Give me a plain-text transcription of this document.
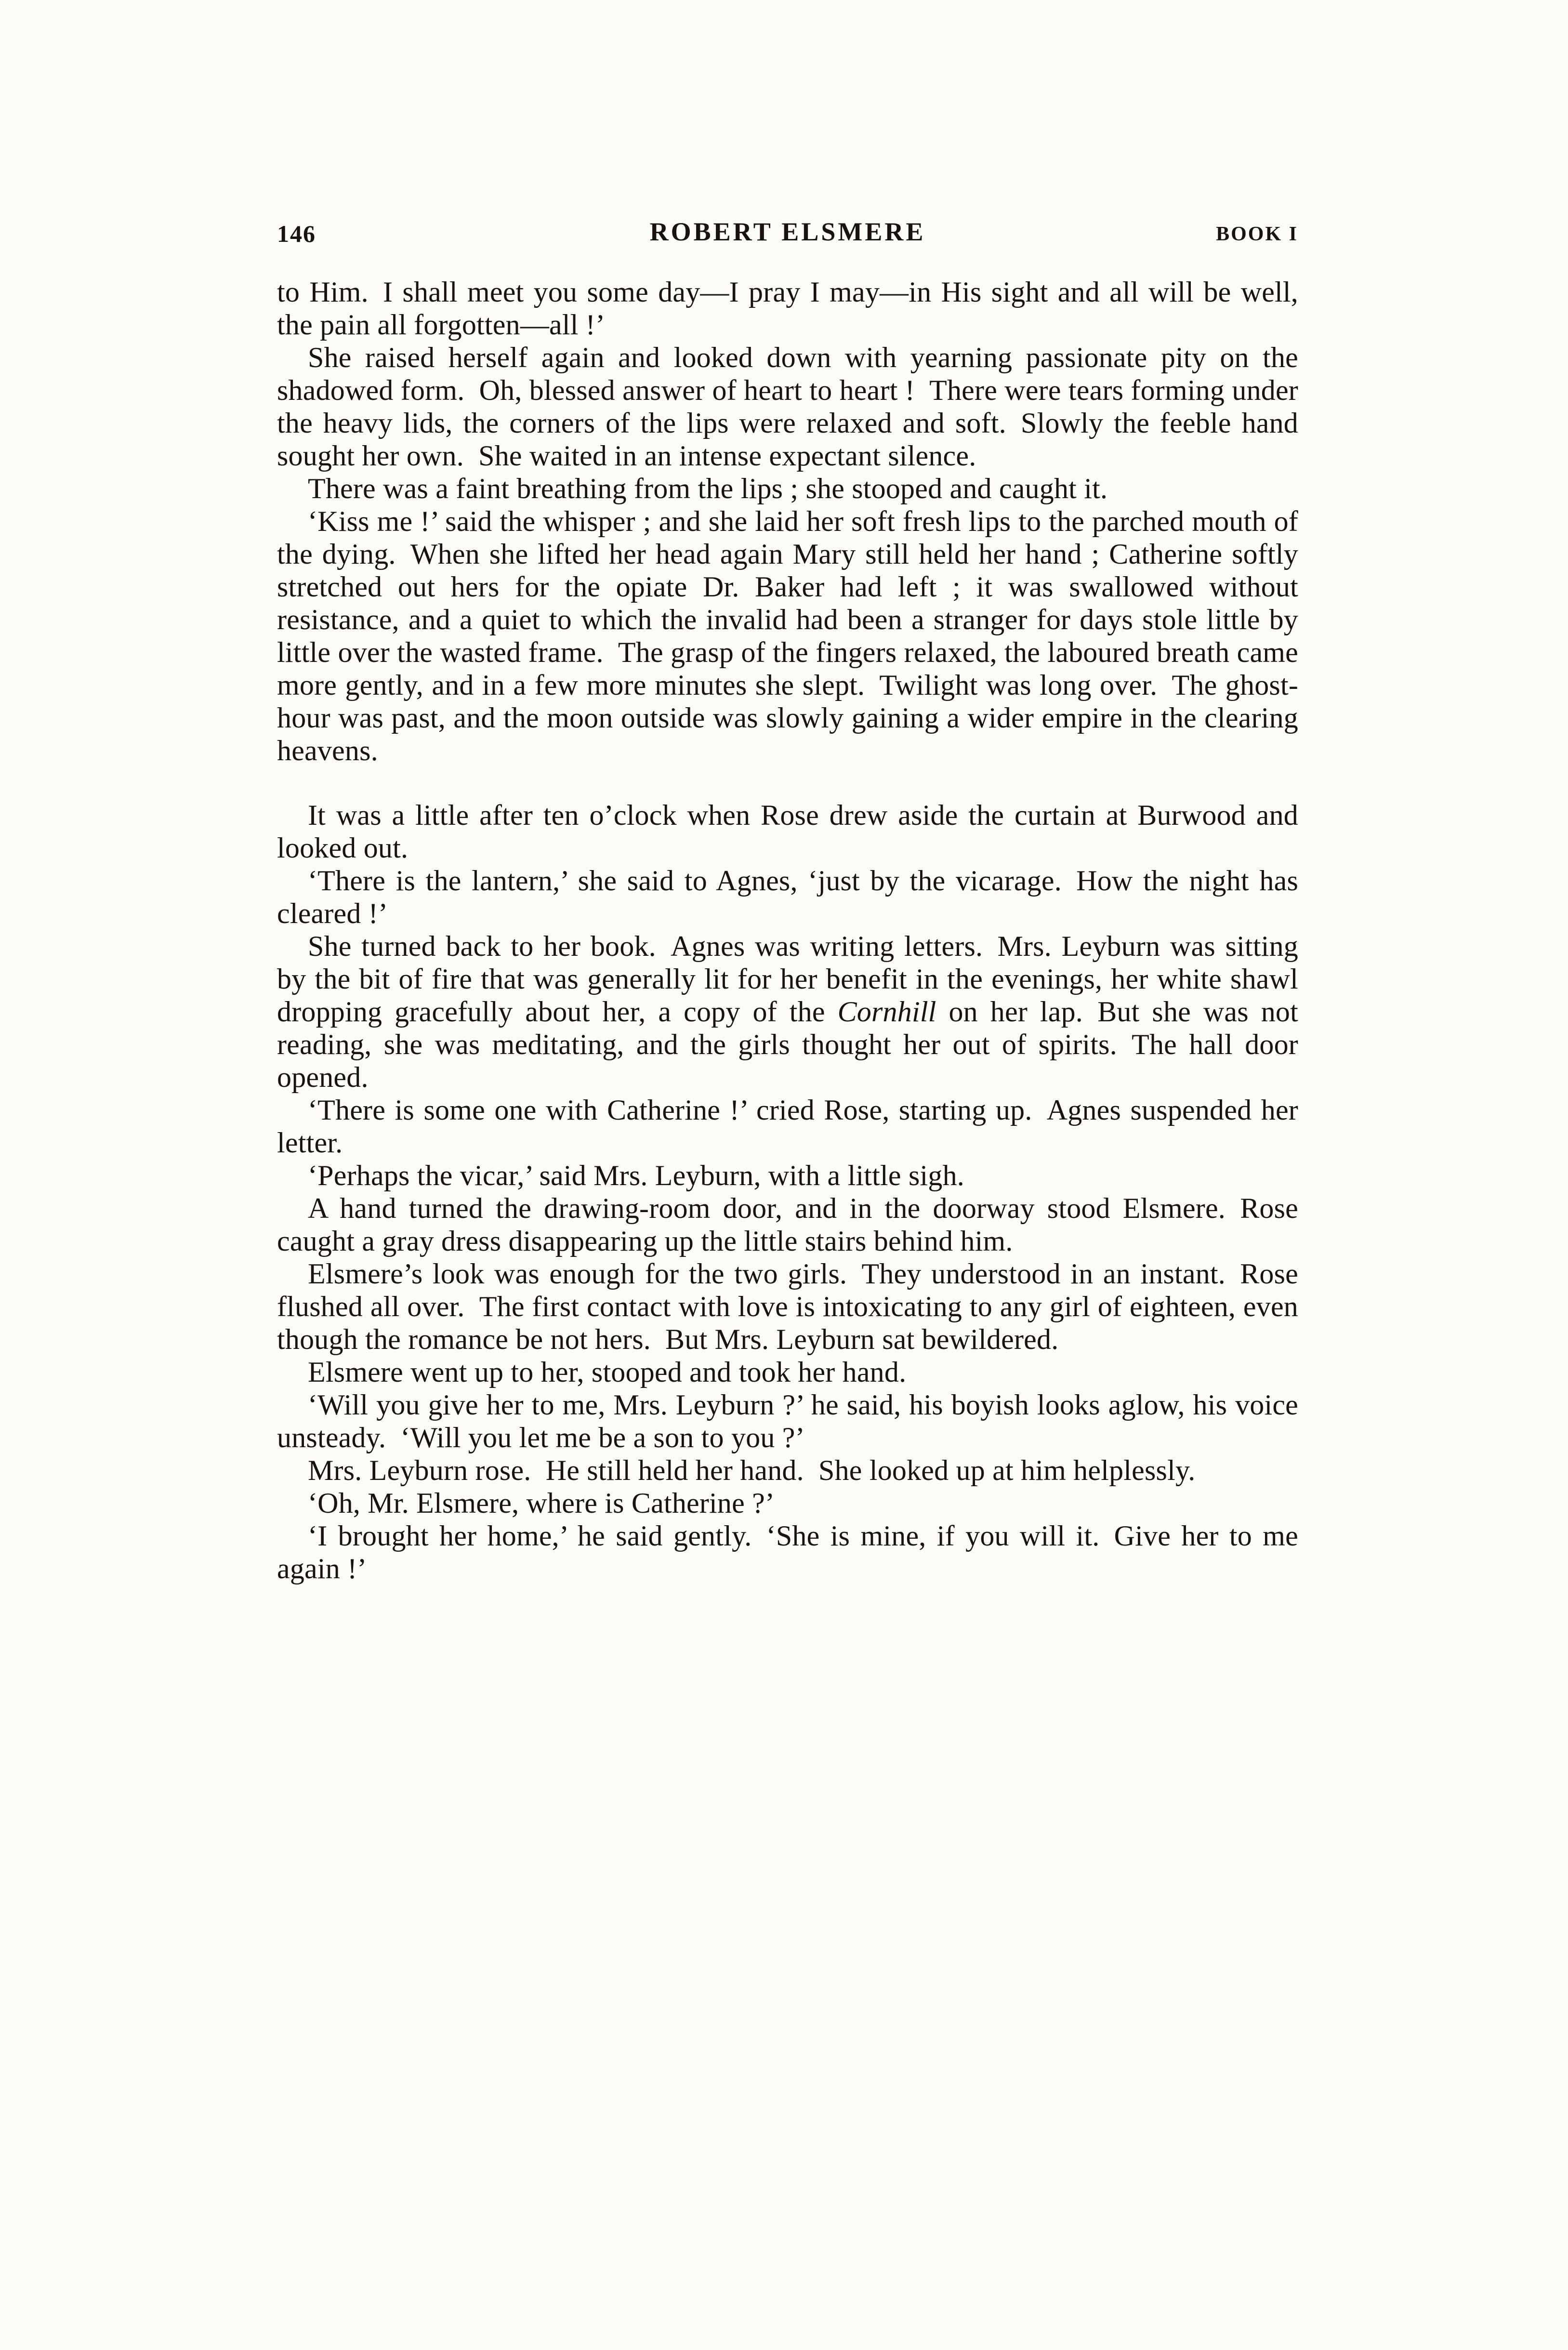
146	ROBERT ELSMERE	BOOK I

to Him. I shall meet you some day—I pray I may—in His sight and all will be well, the pain all forgotten—all !’

She raised herself again and looked down with yearning passionate pity on the shadowed form. Oh, blessed answer of heart to heart ! There were tears forming under the heavy lids, the corners of the lips were relaxed and soft. Slowly the feeble hand sought her own. She waited in an intense expectant silence.

There was a faint breathing from the lips ; she stooped and caught it.

‘Kiss me !’ said the whisper ; and she laid her soft fresh lips to the parched mouth of the dying. When she lifted her head again Mary still held her hand ; Catherine softly stretched out hers for the opiate Dr. Baker had left ; it was swallowed without resistance, and a quiet to which the invalid had been a stranger for days stole little by little over the wasted frame. The grasp of the fingers relaxed, the laboured breath came more gently, and in a few more minutes she slept. Twilight was long over. The ghost-hour was past, and the moon outside was slowly gaining a wider empire in the clearing heavens.

It was a little after ten o’clock when Rose drew aside the curtain at Burwood and looked out.

‘There is the lantern,’ she said to Agnes, ‘just by the vicarage. How the night has cleared !’

She turned back to her book. Agnes was writing letters. Mrs. Leyburn was sitting by the bit of fire that was generally lit for her benefit in the evenings, her white shawl dropping gracefully about her, a copy of the Cornhill on her lap. But she was not reading, she was meditating, and the girls thought her out of spirits. The hall door opened.

‘There is some one with Catherine !’ cried Rose, starting up. Agnes suspended her letter.

‘Perhaps the vicar,’ said Mrs. Leyburn, with a little sigh.

A hand turned the drawing-room door, and in the doorway stood Elsmere. Rose caught a gray dress disappearing up the little stairs behind him.

Elsmere’s look was enough for the two girls. They understood in an instant. Rose flushed all over. The first contact with love is intoxicating to any girl of eighteen, even though the romance be not hers. But Mrs. Leyburn sat bewildered.

Elsmere went up to her, stooped and took her hand.

‘Will you give her to me, Mrs. Leyburn ?’ he said, his boyish looks aglow, his voice unsteady. ‘Will you let me be a son to you ?’

Mrs. Leyburn rose. He still held her hand. She looked up at him helplessly.

‘Oh, Mr. Elsmere, where is Catherine ?’

‘I brought her home,’ he said gently. ‘She is mine, if you will it. Give her to me again !’
